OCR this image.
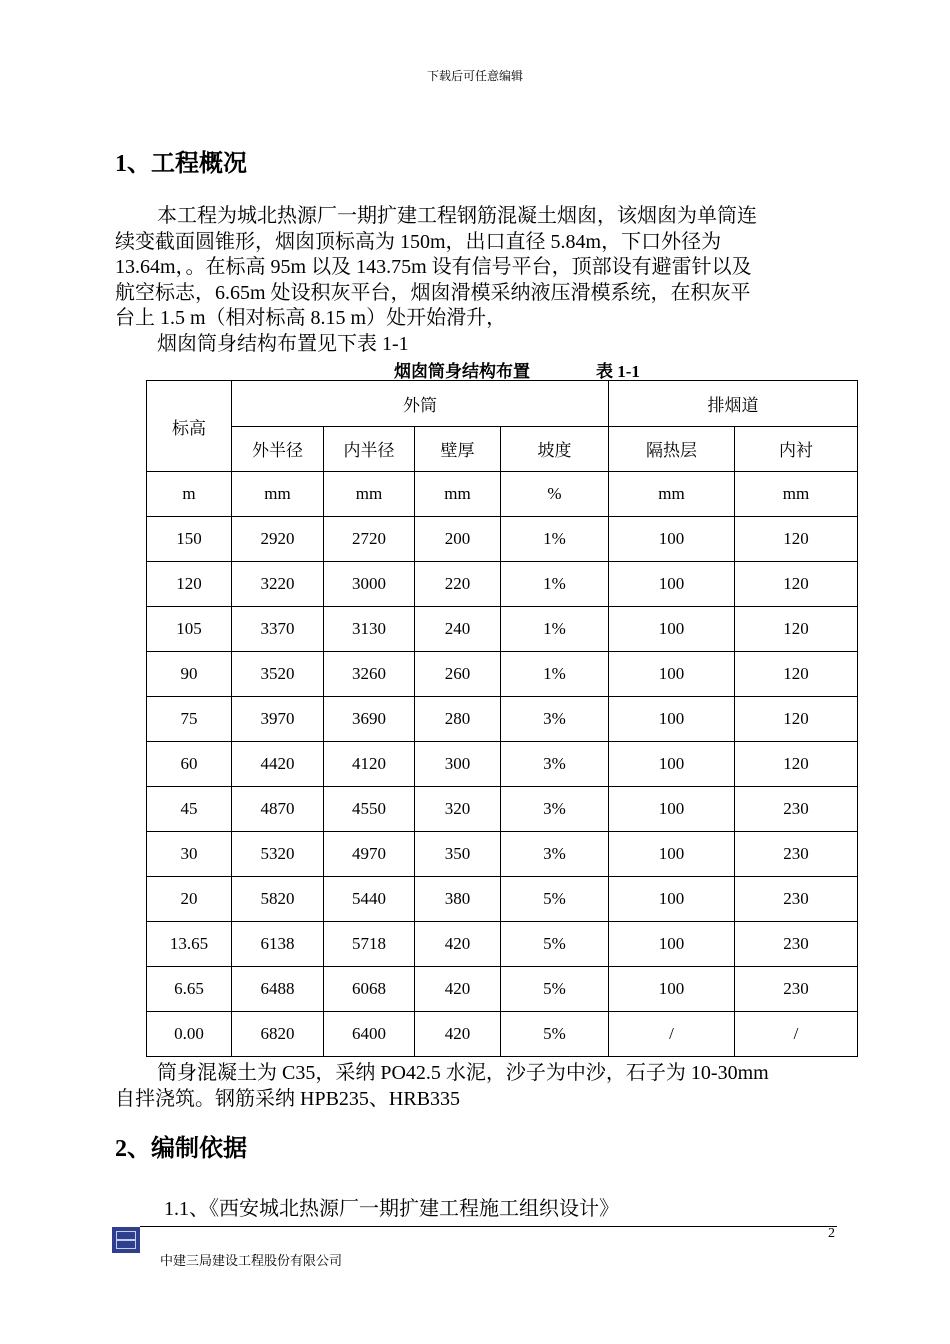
下载后可任意编辑
1、工程概况
本工程为城北热源厂一期扩建工程钢筋混凝土烟囱，该烟囱为单筒连
续变截面圆锥形，烟囱顶标高为 150m，出口直径 5.84m，下口外径为
13.64m，。在标高 95m 以及 143.75m 设有信号平台，顶部设有避雷针以及
航空标志，6.65m 处设积灰平台，烟囱滑模采纳液压滑模系统，在积灰平
台上 1.5 m（相对标高 8.15 m）处开始滑升，
烟囱筒身结构布置见下表 1-1
烟囱筒身结构布置	表 1-1
标高	外筒				排烟道	
	外半径	内半径	壁厚	坡度	隔热层	内衬
m	mm	mm	mm	%	mm	mm
150	2920	2720	200	1%	100	120
120	3220	3000	220	1%	100	120
105	3370	3130	240	1%	100	120
90	3520	3260	260	1%	100	120
75	3970	3690	280	3%	100	120
60	4420	4120	300	3%	100	120
45	4870	4550	320	3%	100	230
30	5320	4970	350	3%	100	230
20	5820	5440	380	5%	100	230
13.65	6138	5718	420	5%	100	230
6.65	6488	6068	420	5%	100	230
0.00	6820	6400	420	5%	/	/
筒身混凝土为 C35，采纳 PO42.5 水泥，沙子为中沙，石子为 10-30mm
自拌浇筑。钢筋采纳 HPB235、HRB335
2、编制依据
1.1、《西安城北热源厂一期扩建工程施工组织设计》
2
中建三局建设工程股份有限公司
